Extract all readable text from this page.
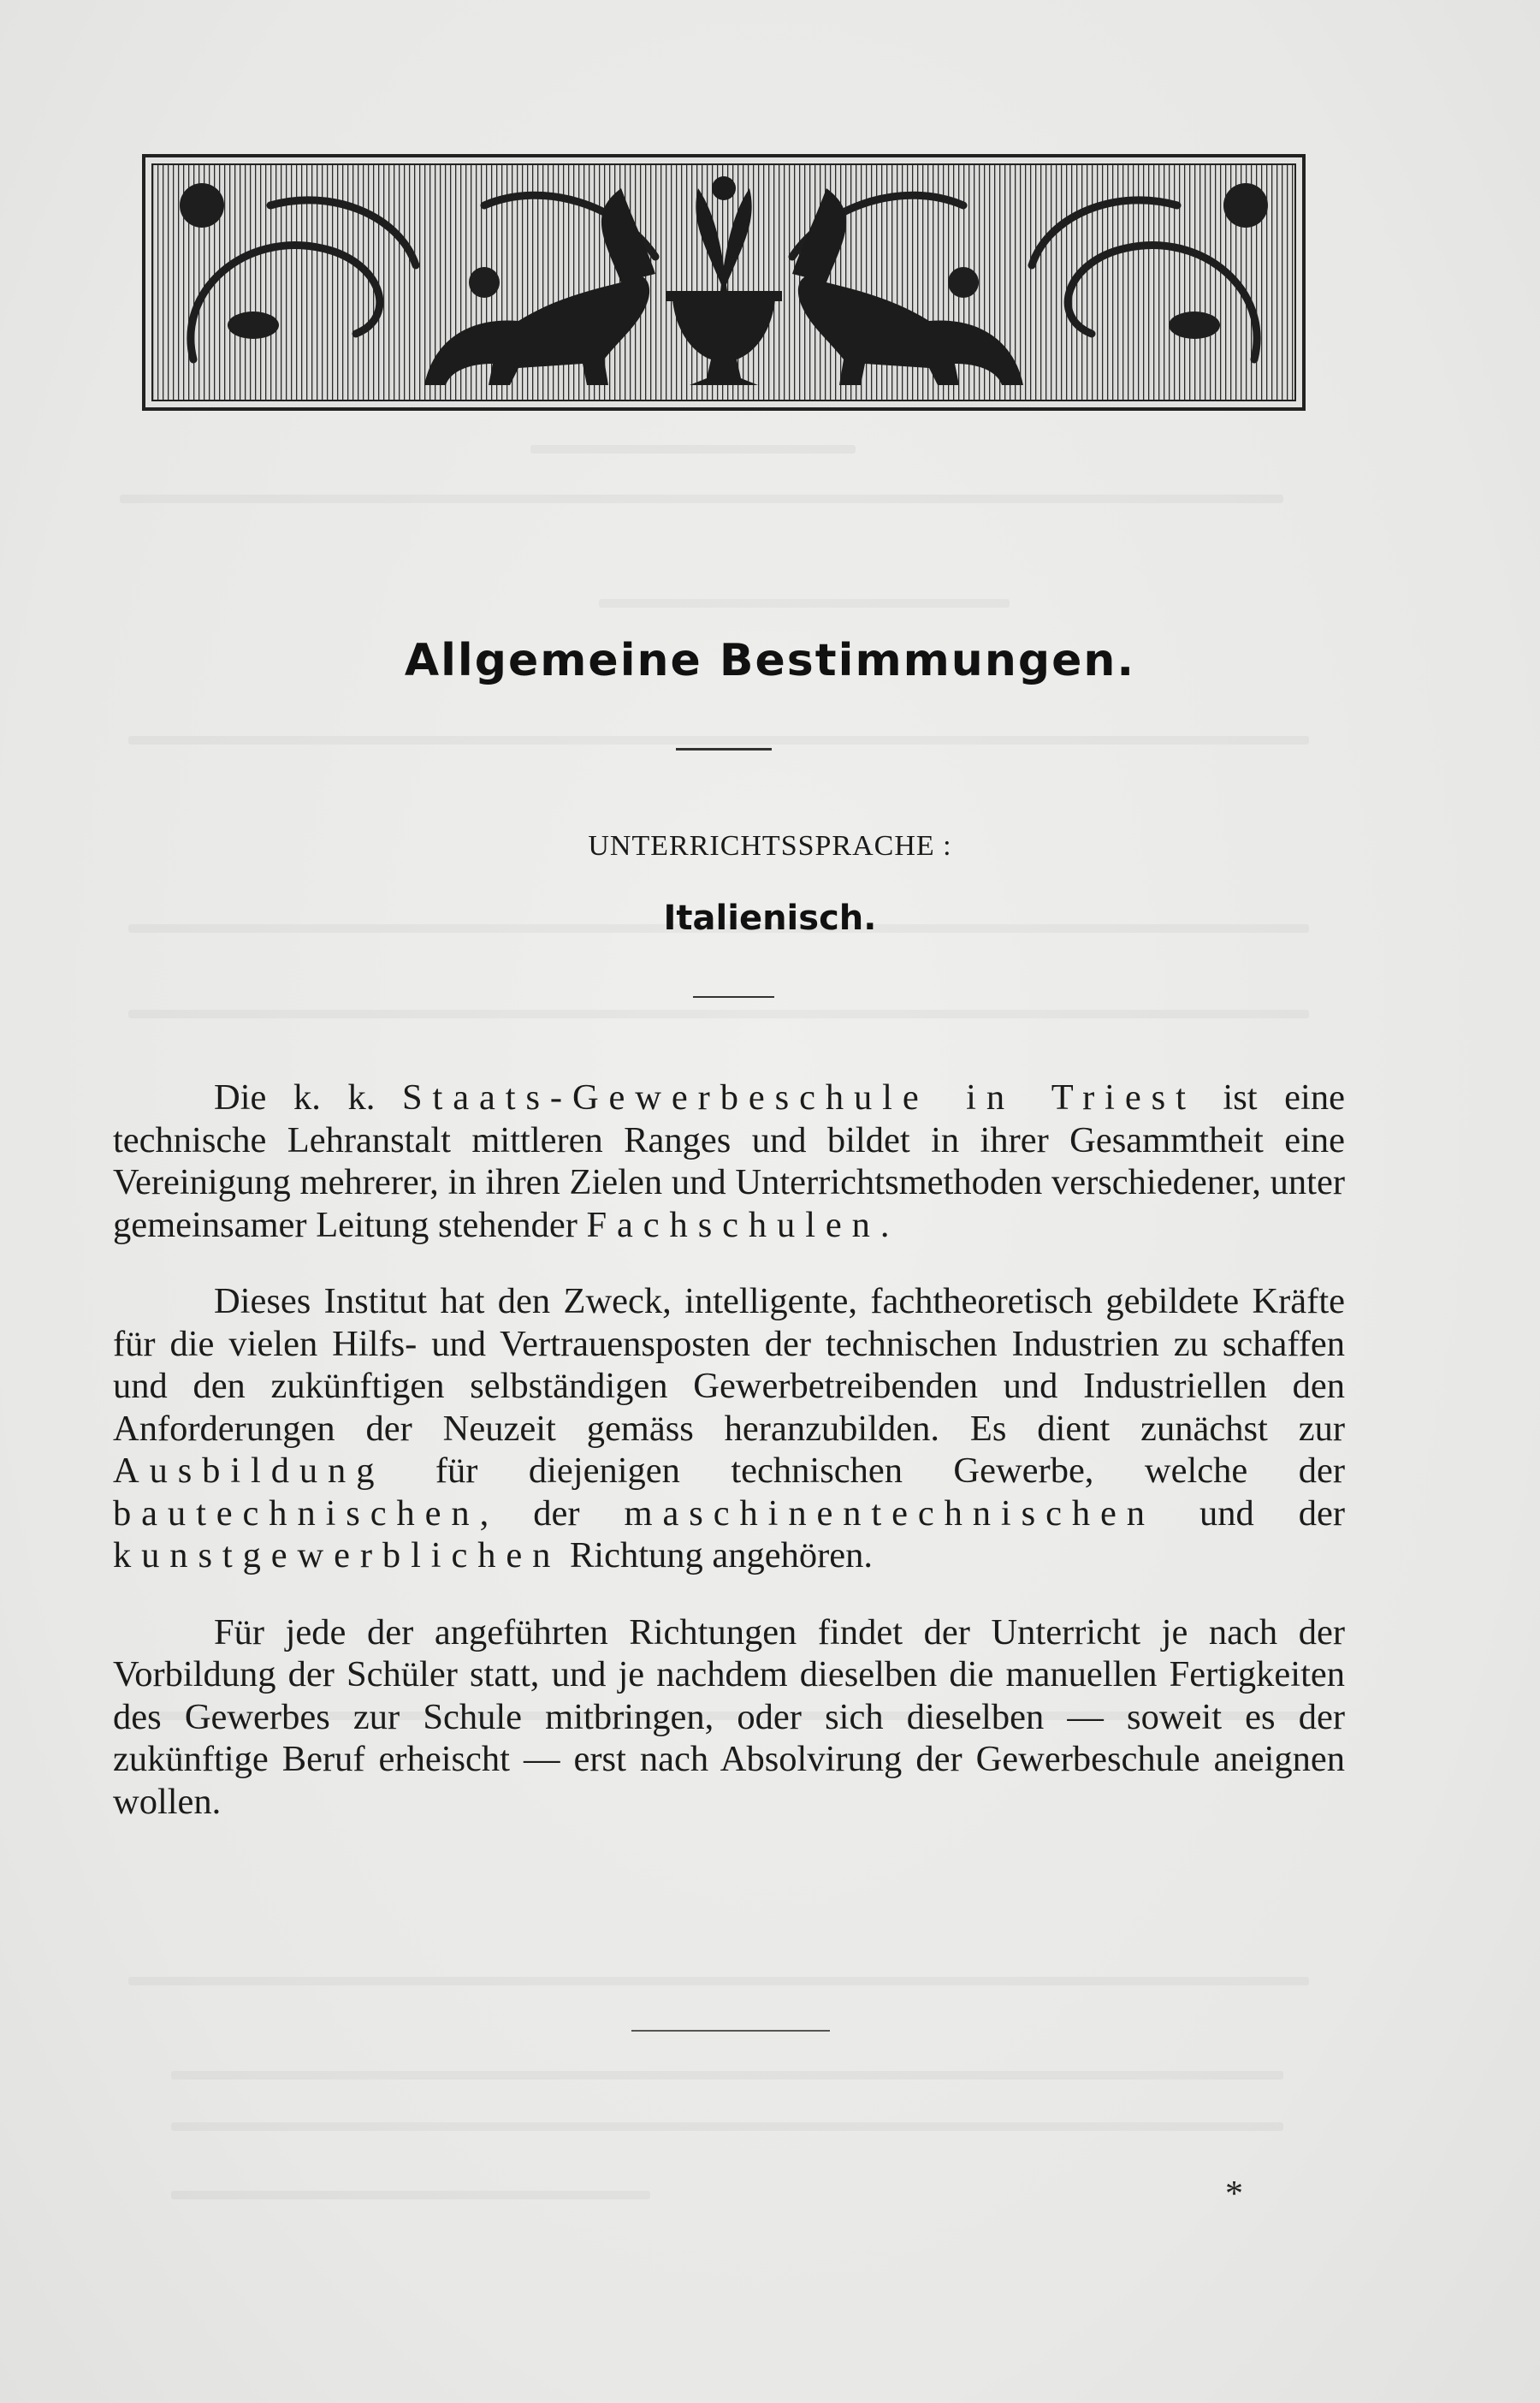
Allgemeine Bestimmungen.
UNTERRICHTSSPRACHE :
Italienisch.

Die k. k. Staats-Gewerbeschule in Triest ist eine technische Lehranstalt mittleren Ranges und bildet in ihrer Gesammtheit eine Vereinigung mehrerer, in ihren Zielen und Unterrichtsmethoden verschiedener, unter gemeinsamer Leitung stehender Fachschulen.

Dieses Institut hat den Zweck, intelligente, fachtheoretisch gebildete Kräfte für die vielen Hilfs- und Vertrauensposten der technischen Industrien zu schaffen und den zukünftigen selbständigen Gewerbetreibenden und Industriellen den Anforderungen der Neuzeit gemäss heranzubilden. Es dient zunächst zur Ausbildung für diejenigen technischen Gewerbe, welche der bautechnischen, der maschinentechnischen und der kunstgewerblichen Richtung angehören.

Für jede der angeführten Richtungen findet der Unterricht je nach der Vorbildung der Schüler statt, und je nachdem dieselben die manuellen Fertigkeiten des Gewerbes zur Schule mitbringen, oder sich dieselben — soweit es der zukünftige Beruf erheischt — erst nach Absolvirung der Gewerbeschule aneignen wollen.

*
